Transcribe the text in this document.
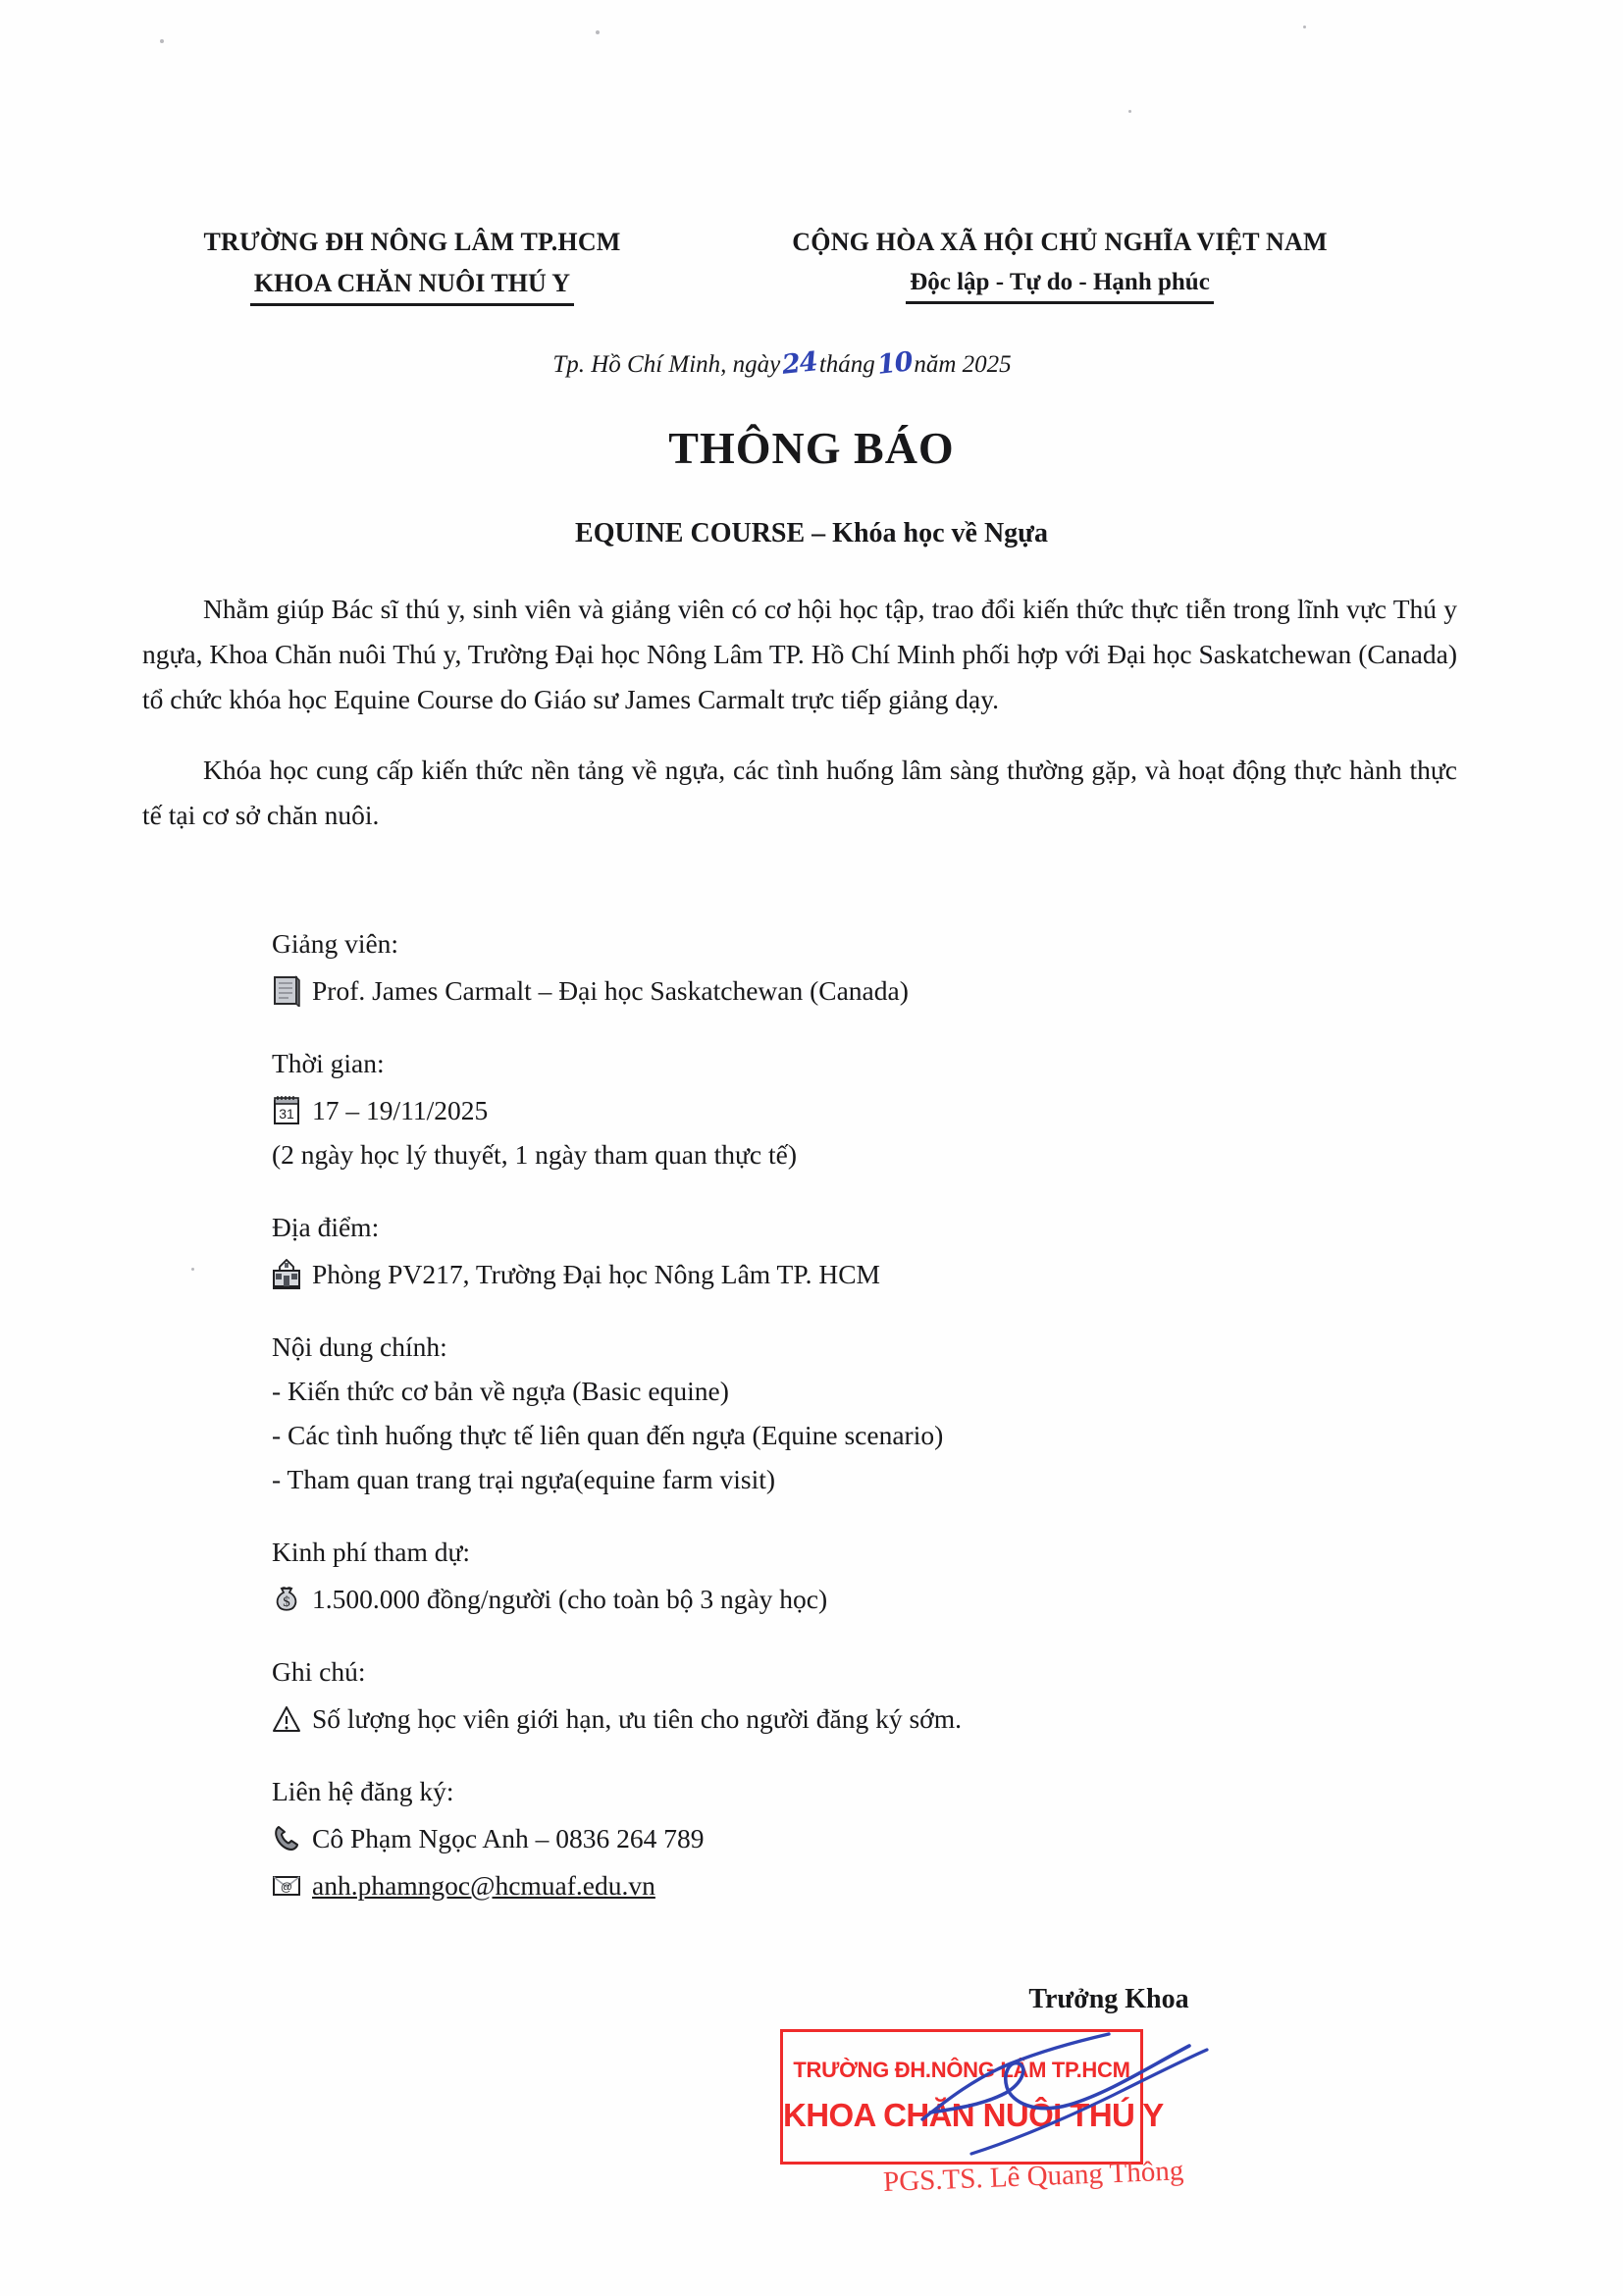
TRƯỜNG ĐH NÔNG LÂM TP.HCM
KHOA CHĂN NUÔI THÚ Y
CỘNG HÒA XÃ HỘI CHỦ NGHĨA VIỆT NAM
Độc lập - Tự do - Hạnh phúc
Tp. Hồ Chí Minh, ngày24tháng10năm 2025
THÔNG BÁO
EQUINE COURSE – Khóa học về Ngựa

Nhằm giúp Bác sĩ thú y, sinh viên và giảng viên có cơ hội học tập, trao đổi kiến thức thực tiễn trong lĩnh vực Thú y ngựa, Khoa Chăn nuôi Thú y, Trường Đại học Nông Lâm TP. Hồ Chí Minh phối hợp với Đại học Saskatchewan (Canada) tổ chức khóa học Equine Course do Giáo sư James Carmalt trực tiếp giảng dạy.

Khóa học cung cấp kiến thức nền tảng về ngựa, các tình huống lâm sàng thường gặp, và hoạt động thực hành thực tế tại cơ sở chăn nuôi.

Giảng viên:
Prof. James Carmalt – Đại học Saskatchewan (Canada)
Thời gian:
31 17 – 19/11/2025
(2 ngày học lý thuyết, 1 ngày tham quan thực tế)
Địa điểm:
Phòng PV217, Trường Đại học Nông Lâm TP. HCM
Nội dung chính:
- Kiến thức cơ bản về ngựa (Basic equine)
- Các tình huống thực tế liên quan đến ngựa (Equine scenario)
- Tham quan trang trại ngựa(equine farm visit)
Kinh phí tham dự:
$ 1.500.000 đồng/người (cho toàn bộ 3 ngày học)
Ghi chú:
Số lượng học viên giới hạn, ưu tiên cho người đăng ký sớm.
Liên hệ đăng ký:
Cô Phạm Ngọc Anh – 0836 264 789
@ anh.phamngoc@hcmuaf.edu.vn
Trưởng Khoa
TRƯỜNG ĐH.NÔNG LÂM TP.HCM
KHOA CHĂN NUÔI THÚ Y
PGS.TS. Lê Quang Thông
